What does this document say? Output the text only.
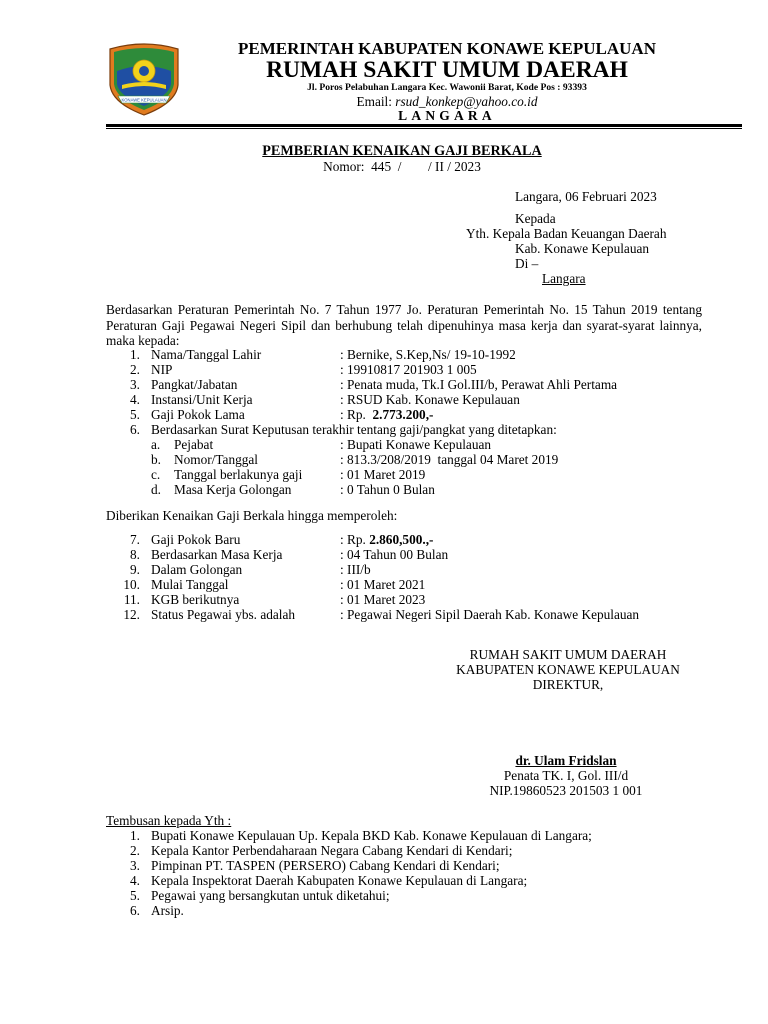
KONAWE KEPULAUAN
PEMERINTAH KABUPATEN KONAWE KEPULAUAN
RUMAH SAKIT UMUM DAERAH
Jl. Poros Pelabuhan Langara Kec. Wawonii Barat, Kode Pos : 93393
Email: rsud_konkep@yahoo.co.id
LANGARA
PEMBERIAN KENAIKAN GAJI BERKALA
Nomor:  445  /        / II / 2023
Langara, 06 Februari 2023
Kepada
Yth. Kepala Badan Keuangan Daerah
Kab. Konawe Kepulauan
Di –
Langara
Berdasarkan Peraturan Pemerintah No. 7 Tahun 1977 Jo. Peraturan Pemerintah No. 15 Tahun 2019 tentang Peraturan Gaji Pegawai Negeri Sipil dan berhubung telah dipenuhinya masa kerja dan syarat-syarat lainnya, maka kepada:
1. Nama/Tanggal Lahir	: Bernike, S.Kep,Ns/ 19-10-1992
2. NIP	: 19910817 201903 1 005
3. Pangkat/Jabatan	: Penata muda, Tk.I Gol.III/b, Perawat Ahli Pertama
4. Instansi/Unit Kerja	: RSUD Kab. Konawe Kepulauan
5. Gaji Pokok Lama	: Rp.  2.773.200,-
6. Berdasarkan Surat Keputusan terakhir tentang gaji/pangkat yang ditetapkan:
a. Pejabat	: Bupati Konawe Kepulauan
b. Nomor/Tanggal	: 813.3/208/2019  tanggal 04 Maret 2019
c. Tanggal berlakunya gaji	: 01 Maret 2019
d. Masa Kerja Golongan	: 0 Tahun 0 Bulan
Diberikan Kenaikan Gaji Berkala hingga memperoleh:
7. Gaji Pokok Baru	: Rp. 2.860,500.,-
8. Berdasarkan Masa Kerja	: 04 Tahun 00 Bulan
9. Dalam Golongan	: III/b
10. Mulai Tanggal	: 01 Maret 2021
11. KGB berikutnya	: 01 Maret 2023
12. Status Pegawai ybs. adalah	: Pegawai Negeri Sipil Daerah Kab. Konawe Kepulauan
RUMAH SAKIT UMUM DAERAH
KABUPATEN KONAWE KEPULAUAN
DIREKTUR,
dr. Ulam Fridslan
Penata TK. I, Gol. III/d
NIP.19860523 201503 1 001
Tembusan kepada Yth :
1. Bupati Konawe Kepulauan Up. Kepala BKD Kab. Konawe Kepulauan di Langara;
2. Kepala Kantor Perbendaharaan Negara Cabang Kendari di Kendari;
3. Pimpinan PT. TASPEN (PERSERO) Cabang Kendari di Kendari;
4. Kepala Inspektorat Daerah Kabupaten Konawe Kepulauan di Langara;
5. Pegawai yang bersangkutan untuk diketahui;
6. Arsip.
